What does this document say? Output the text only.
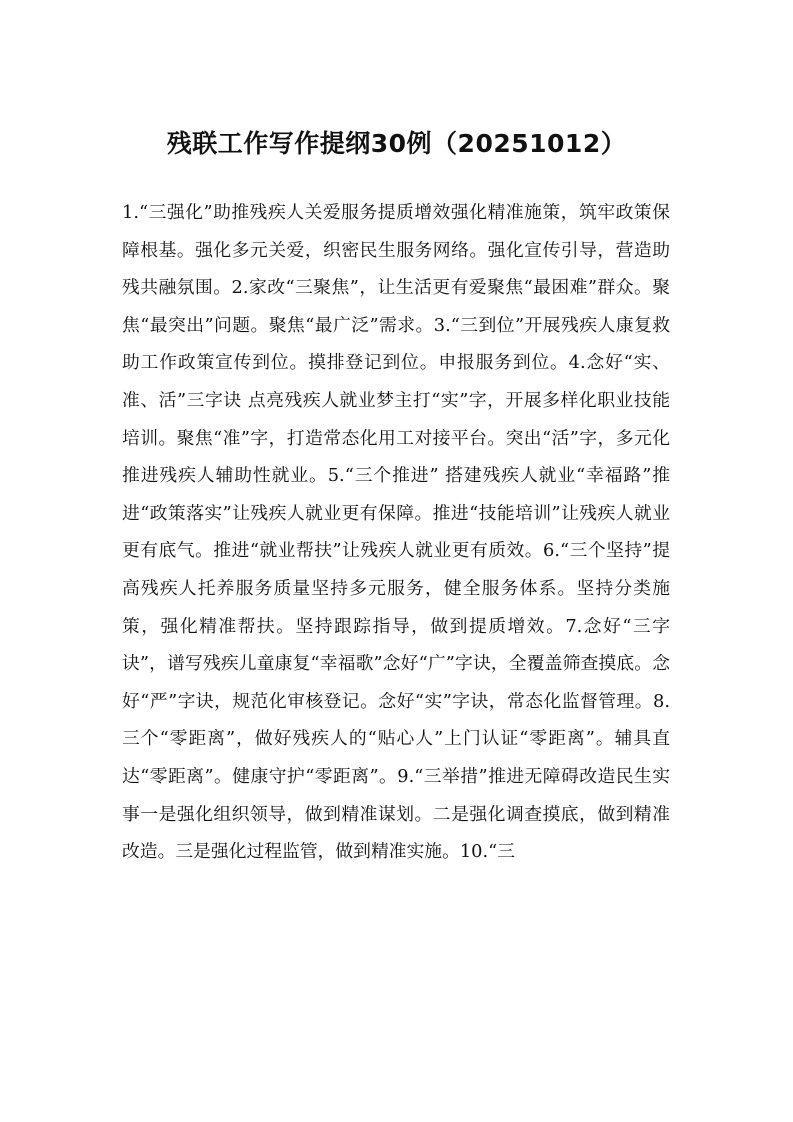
残联工作写作提纲30例（20251012）

1.“三强化”助推残疾人关爱服务提质增效强化精准施策，筑牢政策保障根基。强化多元关爱，织密民生服务网络。强化宣传引导，营造助残共融氛围。2.家改“三聚焦”，让生活更有爱聚焦“最困难”群众。聚焦“最突出”问题。聚焦“最广泛”需求。3.“三到位”开展残疾人康复救助工作政策宣传到位。摸排登记到位。申报服务到位。4.念好“实、准、活”三字诀 点亮残疾人就业梦主打“实”字，开展多样化职业技能培训。聚焦“准”字，打造常态化用工对接平台。突出“活”字，多元化推进残疾人辅助性就业。5.“三个推进” 搭建残疾人就业“幸福路”推进“政策落实”让残疾人就业更有保障。推进“技能培训”让残疾人就业更有底气。推进“就业帮扶”让残疾人就业更有质效。6.“三个坚持”提高残疾人托养服务质量坚持多元服务，健全服务体系。坚持分类施策，强化精准帮扶。坚持跟踪指导，做到提质增效。7.念好“三字诀”，谱写残疾儿童康复“幸福歌”念好“广”字诀，全覆盖筛查摸底。念好“严”字诀，规范化审核登记。念好“实”字诀，常态化监督管理。8.三个“零距离”，做好残疾人的“贴心人”上门认证“零距离”。辅具直达“零距离”。健康守护“零距离”。9.“三举措”推进无障碍改造民生实事一是强化组织领导，做到精准谋划。二是强化调查摸底，做到精准改造。三是强化过程监管，做到精准实施。10.“三
